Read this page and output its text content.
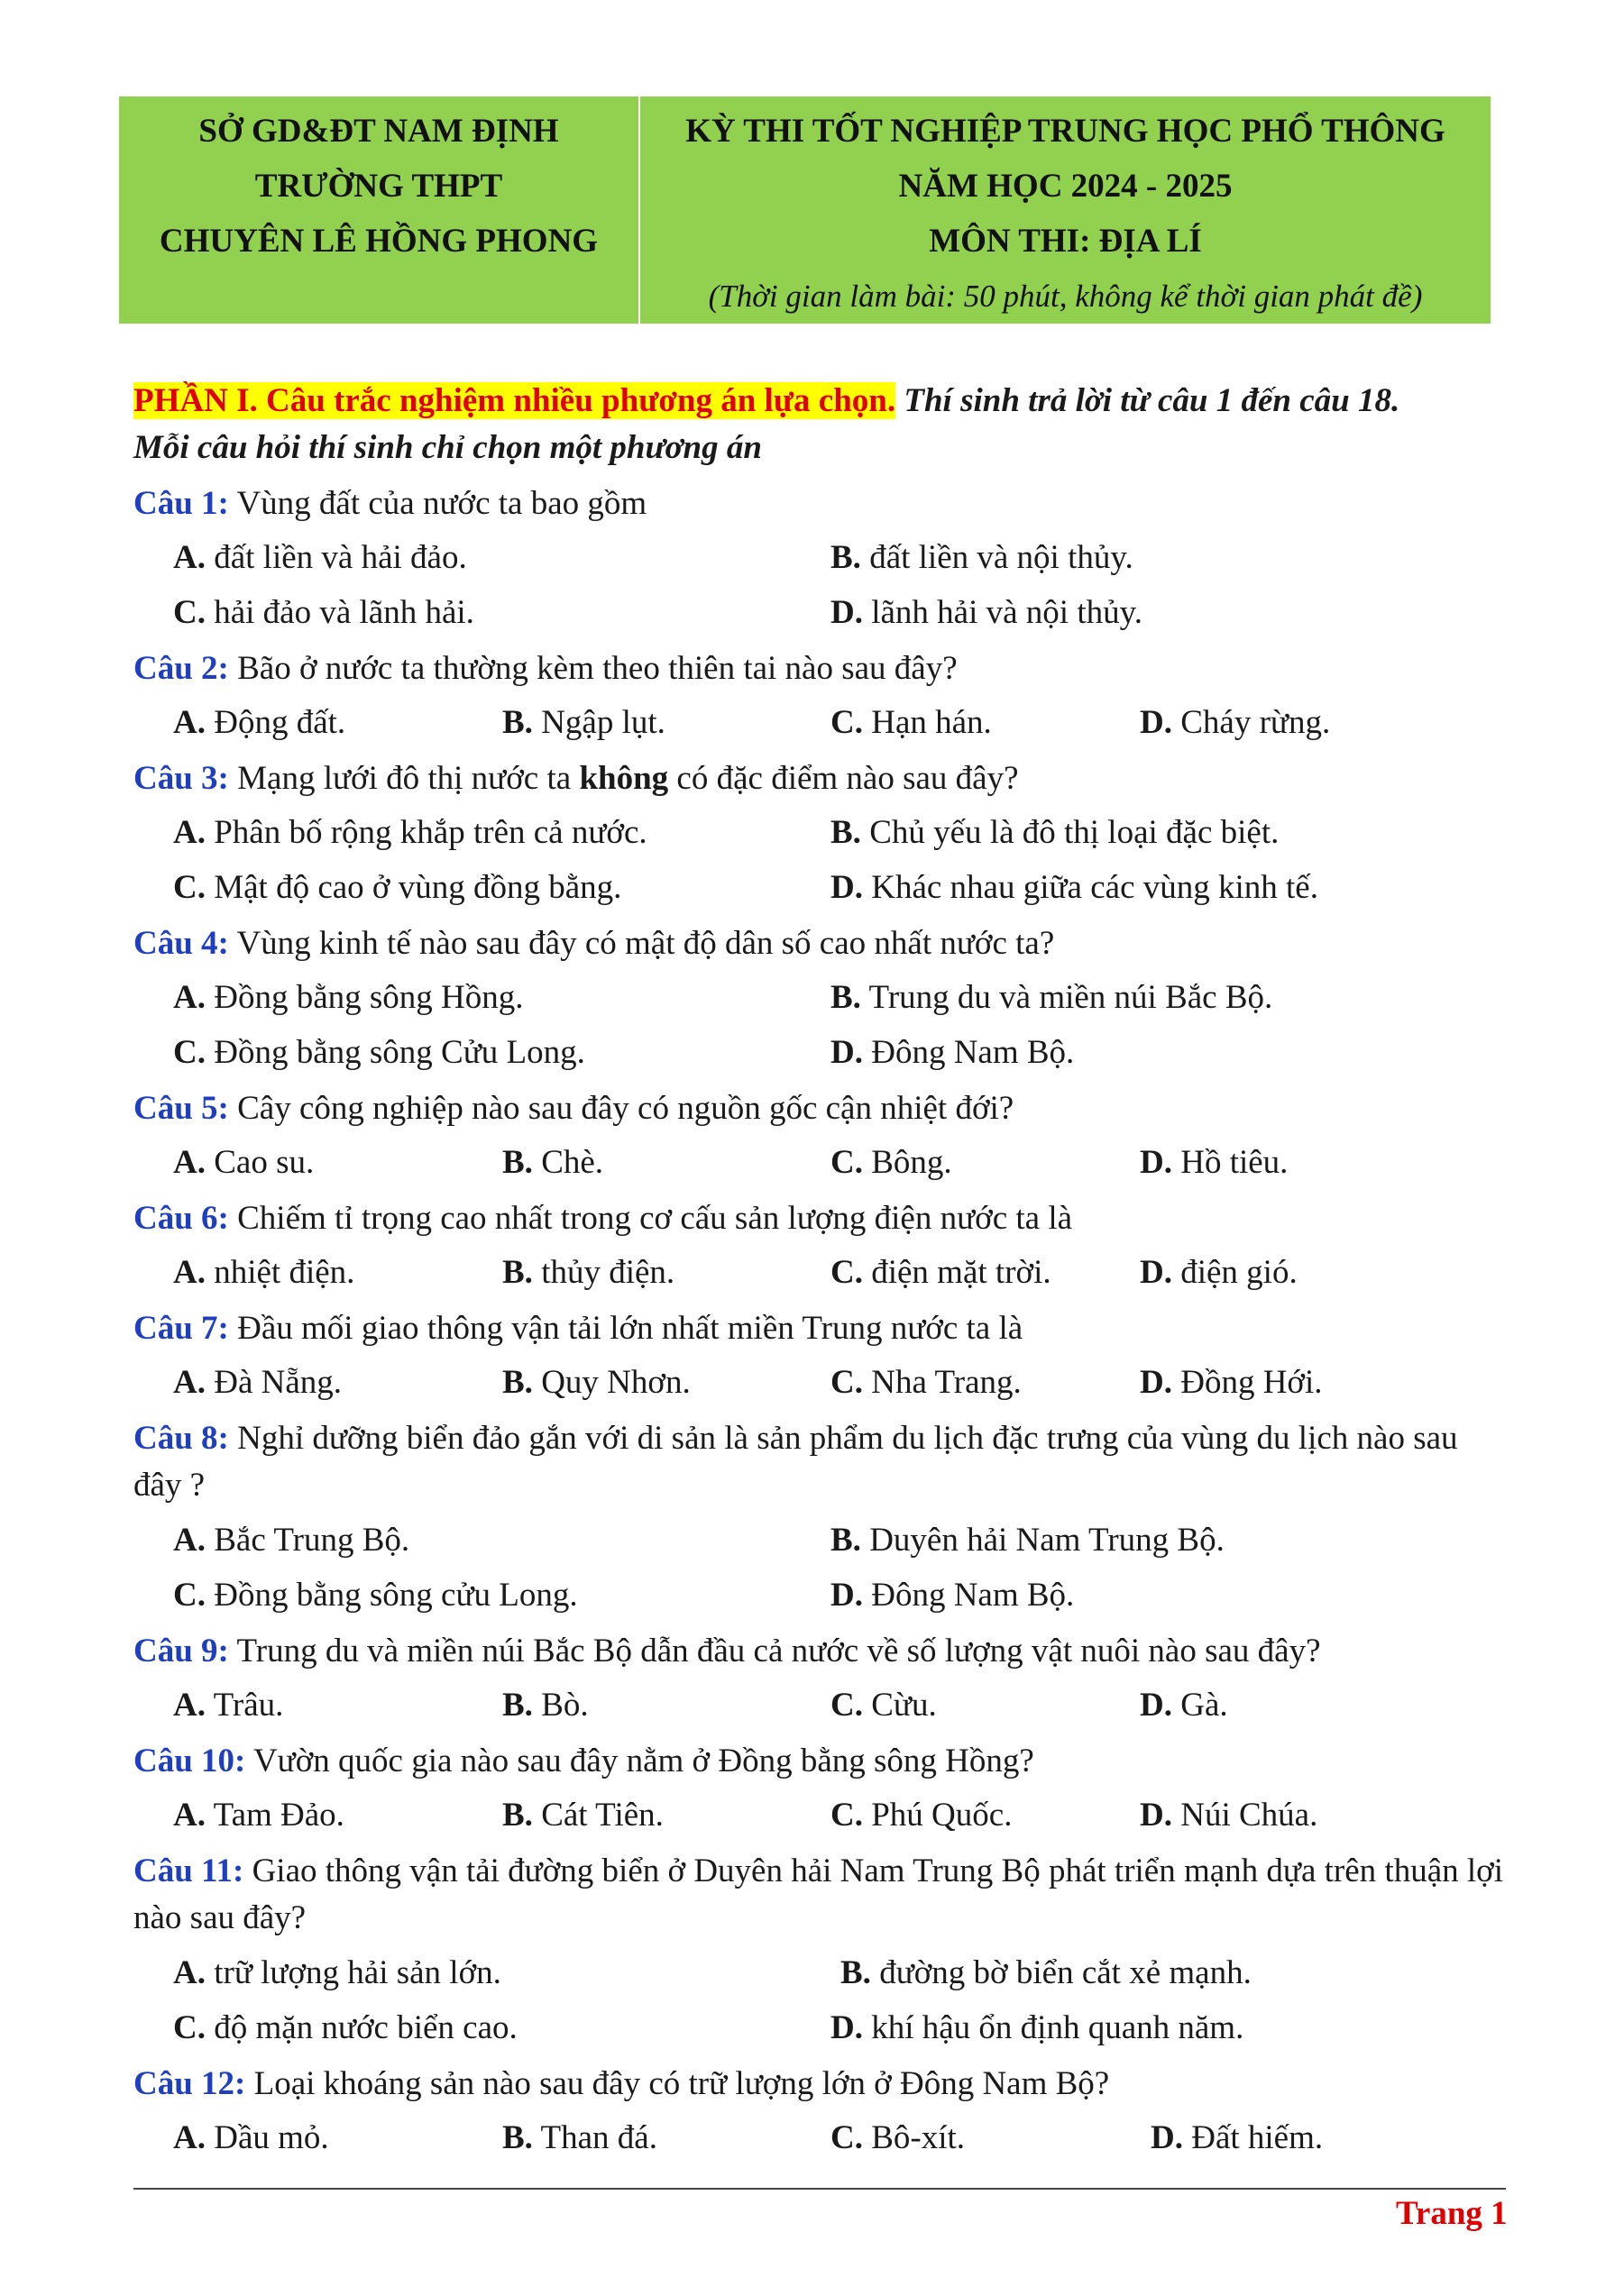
SỞ GD&ĐT NAM ĐỊNH
TRƯỜNG THPT
CHUYÊN LÊ HỒNG PHONG
KỲ THI TỐT NGHIỆP TRUNG HỌC PHỔ THÔNG
NĂM HỌC 2024 - 2025
MÔN THI: ĐỊA LÍ
(Thời gian làm bài: 50 phút, không kể thời gian phát đề)
PHẦN I. Câu trắc nghiệm nhiều phương án lựa chọn. Thí sinh trả lời từ câu 1 đến câu 18.
Mỗi câu hỏi thí sinh chỉ chọn một phương án
Câu 1: Vùng đất của nước ta bao gồm
A. đất liền và hải đảo.	B. đất liền và nội thủy.
C. hải đảo và lãnh hải.	D. lãnh hải và nội thủy.
Câu 2: Bão ở nước ta thường kèm theo thiên tai nào sau đây?
A. Động đất.	B. Ngập lụt.	C. Hạn hán.	D. Cháy rừng.
Câu 3: Mạng lưới đô thị nước ta không có đặc điểm nào sau đây?
A. Phân bố rộng khắp trên cả nước.	B. Chủ yếu là đô thị loại đặc biệt.
C. Mật độ cao ở vùng đồng bằng.	D. Khác nhau giữa các vùng kinh tế.
Câu 4: Vùng kinh tế nào sau đây có mật độ dân số cao nhất nước ta?
A. Đồng bằng sông Hồng.	B. Trung du và miền núi Bắc Bộ.
C. Đồng bằng sông Cửu Long.	D. Đông Nam Bộ.
Câu 5: Cây công nghiệp nào sau đây có nguồn gốc cận nhiệt đới?
A. Cao su.	B. Chè.	C. Bông.	D. Hồ tiêu.
Câu 6: Chiếm tỉ trọng cao nhất trong cơ cấu sản lượng điện nước ta là
A. nhiệt điện.	B. thủy điện.	C. điện mặt trời.	D. điện gió.
Câu 7: Đầu mối giao thông vận tải lớn nhất miền Trung nước ta là
A. Đà Nẵng.	B. Quy Nhơn.	C. Nha Trang.	D. Đồng Hới.
Câu 8: Nghỉ dưỡng biển đảo gắn với di sản là sản phẩm du lịch đặc trưng của vùng du lịch nào sau đây ?
A. Bắc Trung Bộ.	B. Duyên hải Nam Trung Bộ.
C. Đồng bằng sông cửu Long.	D. Đông Nam Bộ.
Câu 9: Trung du và miền núi Bắc Bộ dẫn đầu cả nước về số lượng vật nuôi nào sau đây?
A. Trâu.	B. Bò.	C. Cừu.	D. Gà.
Câu 10: Vườn quốc gia nào sau đây nằm ở Đồng bằng sông Hồng?
A. Tam Đảo.	B. Cát Tiên.	C. Phú Quốc.	D. Núi Chúa.
Câu 11: Giao thông vận tải đường biển ở Duyên hải Nam Trung Bộ phát triển mạnh dựa trên thuận lợi nào sau đây?
A. trữ lượng hải sản lớn.	B. đường bờ biển cắt xẻ mạnh.
C. độ mặn nước biển cao.	D. khí hậu ổn định quanh năm.
Câu 12: Loại khoáng sản nào sau đây có trữ lượng lớn ở Đông Nam Bộ?
A. Dầu mỏ.	B. Than đá.	C. Bô-xít.	D. Đất hiếm.
Trang 1
